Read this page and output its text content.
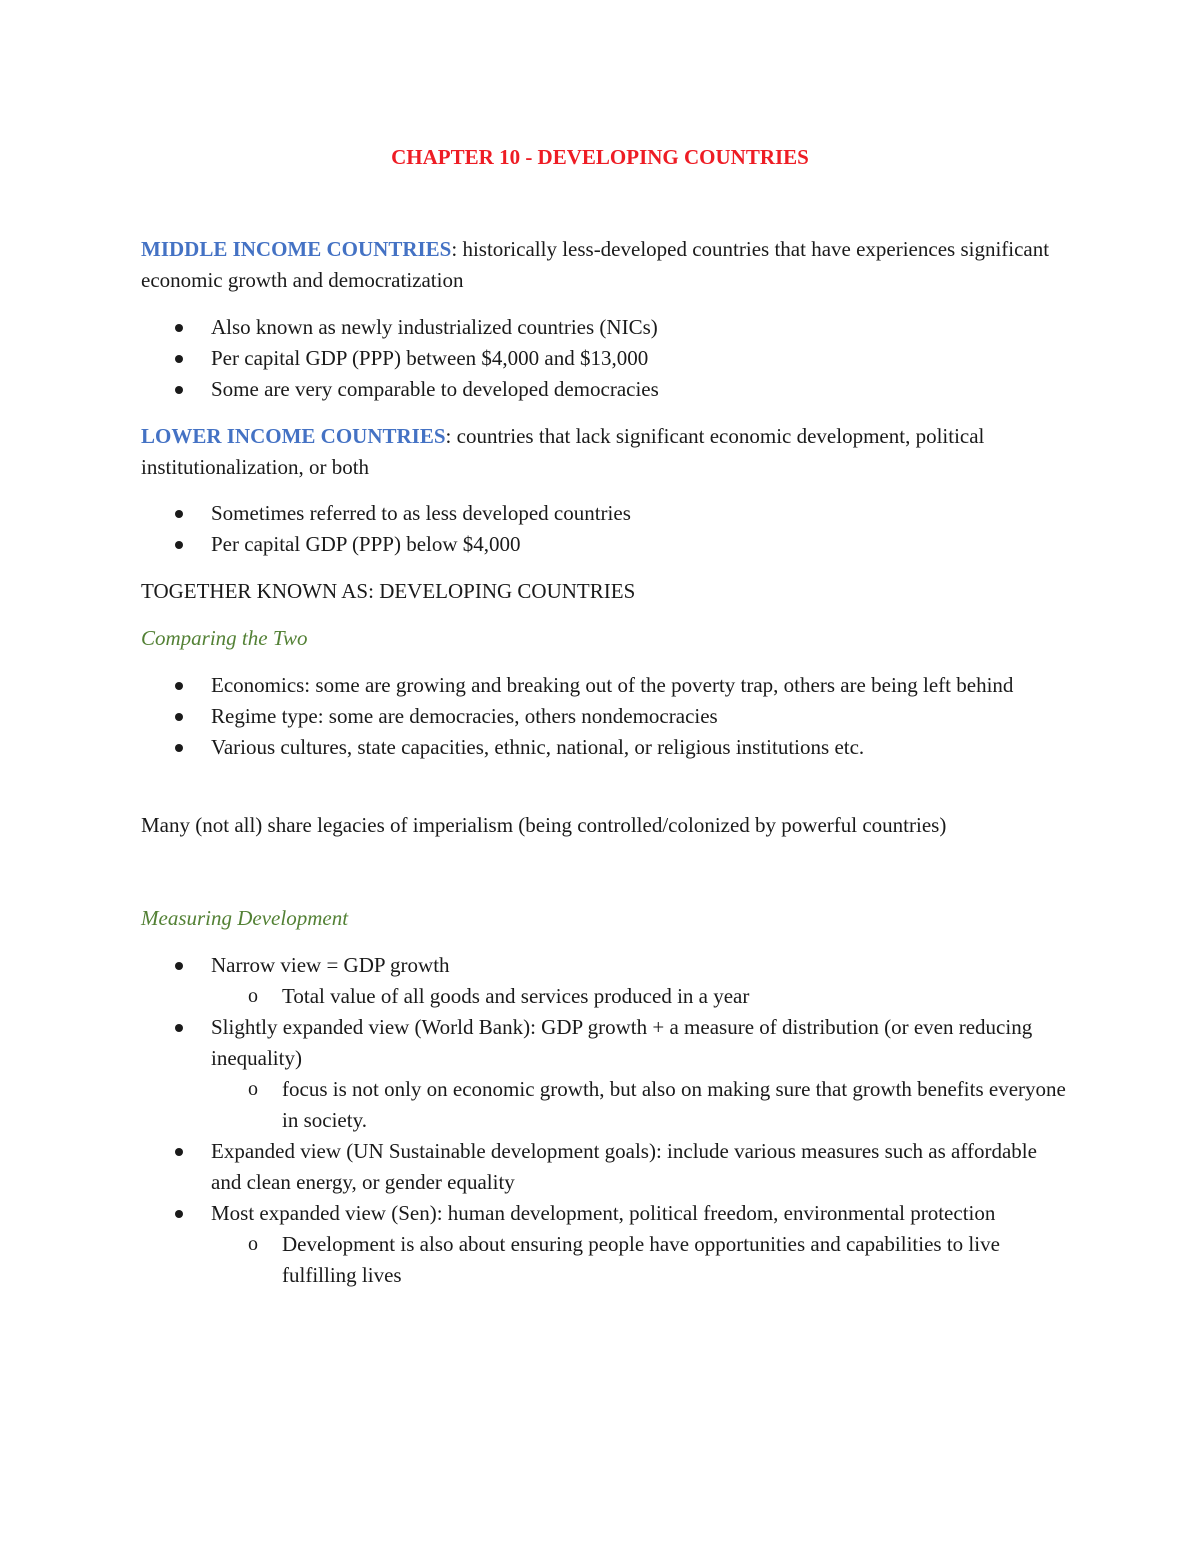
CHAPTER 10 - DEVELOPING COUNTRIES
MIDDLE INCOME COUNTRIES: historically less-developed countries that have experiences significant economic growth and democratization
Also known as newly industrialized countries (NICs)
Per capital GDP (PPP) between $4,000 and $13,000
Some are very comparable to developed democracies
LOWER INCOME COUNTRIES: countries that lack significant economic development, political institutionalization, or both
Sometimes referred to as less developed countries
Per capital GDP (PPP) below $4,000
TOGETHER KNOWN AS: DEVELOPING COUNTRIES
Comparing the Two
Economics: some are growing and breaking out of the poverty trap, others are being left behind
Regime type: some are democracies, others nondemocracies
Various cultures, state capacities, ethnic, national, or religious institutions etc.
Many (not all) share legacies of imperialism (being controlled/colonized by powerful countries)
Measuring Development
Narrow view = GDP growth
o Total value of all goods and services produced in a year
Slightly expanded view (World Bank): GDP growth + a measure of distribution (or even reducing inequality)
o focus is not only on economic growth, but also on making sure that growth benefits everyone in society.
Expanded view (UN Sustainable development goals): include various measures such as affordable and clean energy, or gender equality
Most expanded view (Sen): human development, political freedom, environmental protection
o Development is also about ensuring people have opportunities and capabilities to live fulfilling lives
